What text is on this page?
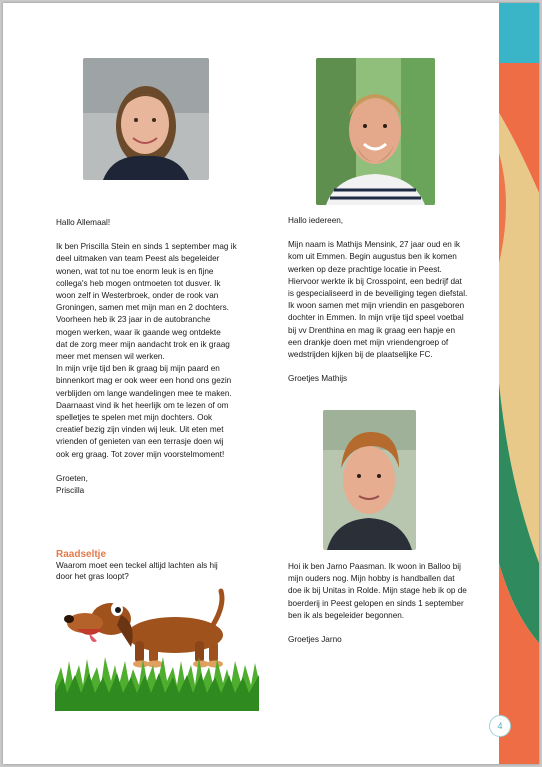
Hallo Allemaal!

Ik ben Priscilla Stein en sinds 1 september mag ik
deel uitmaken van team Peest als begeleider
wonen, wat tot nu toe enorm leuk is en fijne
collega's heb mogen ontmoeten tot dusver. Ik
woon zelf in Westerbroek, onder de rook van
Groningen, samen met mijn man en 2 dochters.
Voorheen heb ik 23 jaar in de autobranche
mogen werken, waar ik gaande weg ontdekte
dat de zorg meer mijn aandacht trok en ik graag
meer met mensen wil werken.
In mijn vrije tijd ben ik graag bij mijn paard en
binnenkort mag er ook weer een hond ons gezin
verblijden om lange wandelingen mee te maken.
Daarnaast vind ik het heerlijk om te lezen of om
spelletjes te spelen met mijn dochters. Ook
creatief bezig zijn vinden wij leuk. Uit eten met
vrienden of genieten van een terrasje doen wij
ook erg graag. Tot zover mijn voorstelmoment!

Groeten,
Priscilla

Hallo iedereen,

Mijn naam is Mathijs Mensink, 27 jaar oud en ik
kom uit Emmen. Begin augustus ben ik komen
werken op deze prachtige locatie in Peest.
Hiervoor werkte ik bij Crosspoint, een bedrijf dat
is gespecialiseerd in de beveiliging tegen diefstal.
Ik woon samen met mijn vriendin en pasgeboren
dochter in Emmen. In mijn vrije tijd speel voetbal
bij vv Drenthina en mag ik graag een hapje en
een drankje doen met mijn vriendengroep of
wedstrijden kijken bij de plaatselijke FC.

Groetjes Mathijs

Hoi ik ben Jarno Paasman. Ik woon in Balloo bij
mijn ouders nog. Mijn hobby is handballen dat
doe ik bij Unitas in Rolde. Mijn stage heb ik op de
boerderij in Peest gelopen en sinds 1 september
ben ik als begeleider begonnen.

Groetjes Jarno

Raadseltje

Waarom moet een teckel altijd lachten als hij
door het gras loopt?

4
